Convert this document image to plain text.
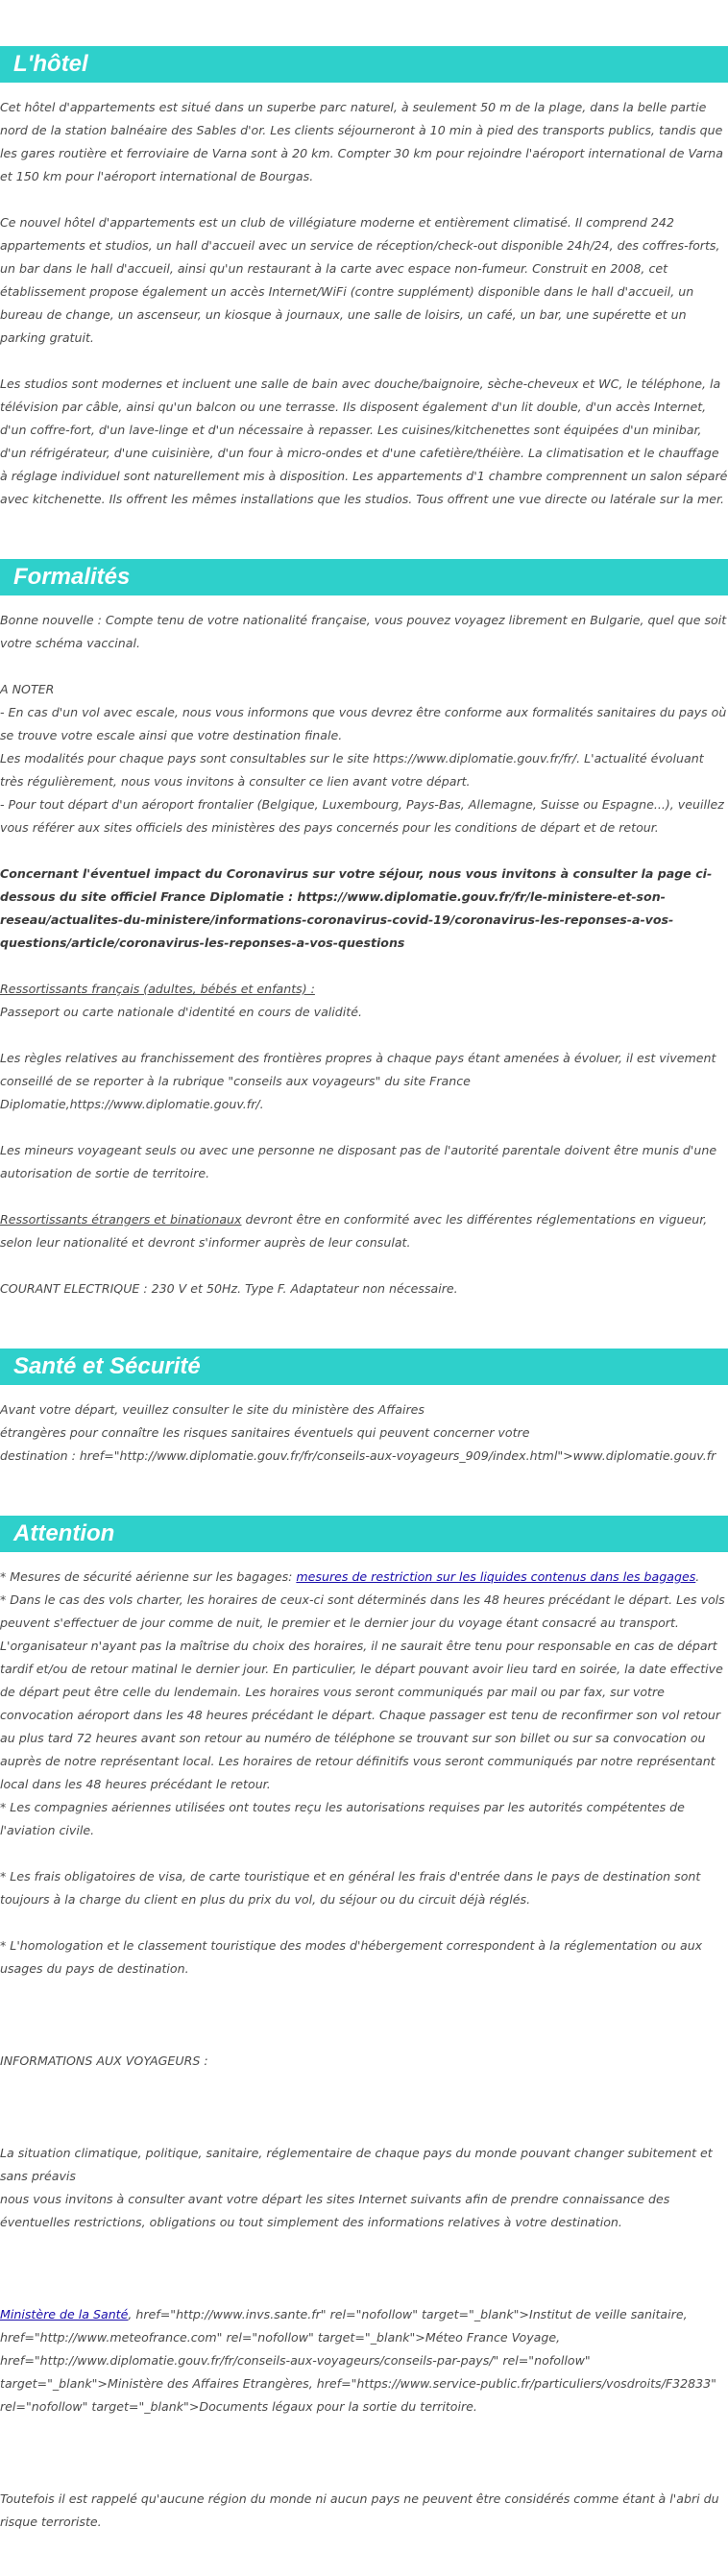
L'hôtel

Cet hôtel d'appartements est situé dans un superbe parc naturel, à seulement 50 m de la plage, dans la belle partie nord de la station balnéaire des Sables d'or. Les clients séjourneront à 10 min à pied des transports publics, tandis que les gares routière et ferroviaire de Varna sont à 20 km. Compter 30 km pour rejoindre l'aéroport international de Varna et 150 km pour l'aéroport international de Bourgas.

Ce nouvel hôtel d'appartements est un club de villégiature moderne et entièrement climatisé. Il comprend 242 appartements et studios, un hall d'accueil avec un service de réception/check-out disponible 24h/24, des coffres-forts, un bar dans le hall d'accueil, ainsi qu'un restaurant à la carte avec espace non-fumeur. Construit en 2008, cet établissement propose également un accès Internet/WiFi (contre supplément) disponible dans le hall d'accueil, un bureau de change, un ascenseur, un kiosque à journaux, une salle de loisirs, un café, un bar, une supérette et un parking gratuit.

Les studios sont modernes et incluent une salle de bain avec douche/baignoire, sèche-cheveux et WC, le téléphone, la télévision par câble, ainsi qu'un balcon ou une terrasse. Ils disposent également d'un lit double, d'un accès Internet, d'un coffre-fort, d'un lave-linge et d'un nécessaire à repasser. Les cuisines/kitchenettes sont équipées d'un minibar, d'un réfrigérateur, d'une cuisinière, d'un four à micro-ondes et d'une cafetière/théière. La climatisation et le chauffage à réglage individuel sont naturellement mis à disposition. Les appartements d'1 chambre comprennent un salon séparé avec kitchenette. Ils offrent les mêmes installations que les studios. Tous offrent une vue directe ou latérale sur la mer.

Formalités

Bonne nouvelle : Compte tenu de votre nationalité française, vous pouvez voyagez librement en Bulgarie, quel que soit votre schéma vaccinal.

A NOTER

- En cas d'un vol avec escale, nous vous informons que vous devrez être conforme aux formalités sanitaires du pays où se trouve votre escale ainsi que votre destination finale.

Les modalités pour chaque pays sont consultables sur le site https://www.diplomatie.gouv.fr/fr/. L'actualité évoluant très régulièrement, nous vous invitons à consulter ce lien avant votre départ.

- Pour tout départ d'un aéroport frontalier (Belgique, Luxembourg, Pays-Bas, Allemagne, Suisse ou Espagne...), veuillez vous référer aux sites officiels des ministères des pays concernés pour les conditions de départ et de retour.

Concernant l'éventuel impact du Coronavirus sur votre séjour, nous vous invitons à consulter la page ci-dessous du site officiel France Diplomatie : https://www.diplomatie.gouv.fr/fr/le-ministere-et-son-reseau/actualites-du-ministere/informations-coronavirus-covid-19/coronavirus-les-reponses-a-vos-questions/article/coronavirus-les-reponses-a-vos-questions

Ressortissants français (adultes, bébés et enfants) :

Passeport ou carte nationale d'identité en cours de validité.

Les règles relatives au franchissement des frontières propres à chaque pays étant amenées à évoluer, il est vivement conseillé de se reporter à la rubrique "conseils aux voyageurs" du site France Diplomatie,https://www.diplomatie.gouv.fr/.

Les mineurs voyageant seuls ou avec une personne ne disposant pas de l'autorité parentale doivent être munis d'une autorisation de sortie de territoire.

Ressortissants étrangers et binationaux devront être en conformité avec les différentes réglementations en vigueur, selon leur nationalité et devront s'informer auprès de leur consulat.

COURANT ELECTRIQUE : 230 V et 50Hz. Type F. Adaptateur non nécessaire.

Santé et Sécurité

Avant votre départ, veuillez consulter le site du ministère des Affaires
étrangères pour connaître les risques sanitaires éventuels qui peuvent concerner votre
destination : href="http://www.diplomatie.gouv.fr/fr/conseils-aux-voyageurs_909/index.html">www.diplomatie.gouv.fr

Attention

* Mesures de sécurité aérienne sur les bagages: mesures de restriction sur les liquides contenus dans les bagages.

* Dans le cas des vols charter, les horaires de ceux-ci sont déterminés dans les 48 heures précédant le départ. Les vols peuvent s'effectuer de jour comme de nuit, le premier et le dernier jour du voyage étant consacré au transport. L'organisateur n'ayant pas la maîtrise du choix des horaires, il ne saurait être tenu pour responsable en cas de départ tardif et/ou de retour matinal le dernier jour. En particulier, le départ pouvant avoir lieu tard en soirée, la date effective de départ peut être celle du lendemain. Les horaires vous seront communiqués par mail ou par fax, sur votre convocation aéroport dans les 48 heures précédant le départ. Chaque passager est tenu de reconfirmer son vol retour au plus tard 72 heures avant son retour au numéro de téléphone se trouvant sur son billet ou sur sa convocation ou auprès de notre représentant local. Les horaires de retour définitifs vous seront communiqués par notre représentant local dans les 48 heures précédant le retour.

* Les compagnies aériennes utilisées ont toutes reçu les autorisations requises par les autorités compétentes de l'aviation civile.

* Les frais obligatoires de visa, de carte touristique et en général les frais d'entrée dans le pays de destination sont toujours à la charge du client en plus du prix du vol, du séjour ou du circuit déjà réglés.

* L'homologation et le classement touristique des modes d'hébergement correspondent à la réglementation ou aux usages du pays de destination.

INFORMATIONS AUX VOYAGEURS :

La situation climatique, politique, sanitaire, réglementaire de chaque pays du monde pouvant changer subitement et sans préavis

nous vous invitons à consulter avant votre départ les sites Internet suivants afin de prendre connaissance des éventuelles restrictions, obligations ou tout simplement des informations relatives à votre destination.

Ministère de la Santé, href="http://www.invs.sante.fr" rel="nofollow" target="_blank">Institut de veille sanitaire, href="http://www.meteofrance.com" rel="nofollow" target="_blank">Méteo France Voyage, href="http://www.diplomatie.gouv.fr/fr/conseils-aux-voyageurs/conseils-par-pays/" rel="nofollow" target="_blank">Ministère des Affaires Etrangères, href="https://www.service-public.fr/particuliers/vosdroits/F32833" rel="nofollow" target="_blank">Documents légaux pour la sortie du territoire.

Toutefois il est rappelé qu'aucune région du monde ni aucun pays ne peuvent être considérés comme étant à l'abri du risque terroriste.
